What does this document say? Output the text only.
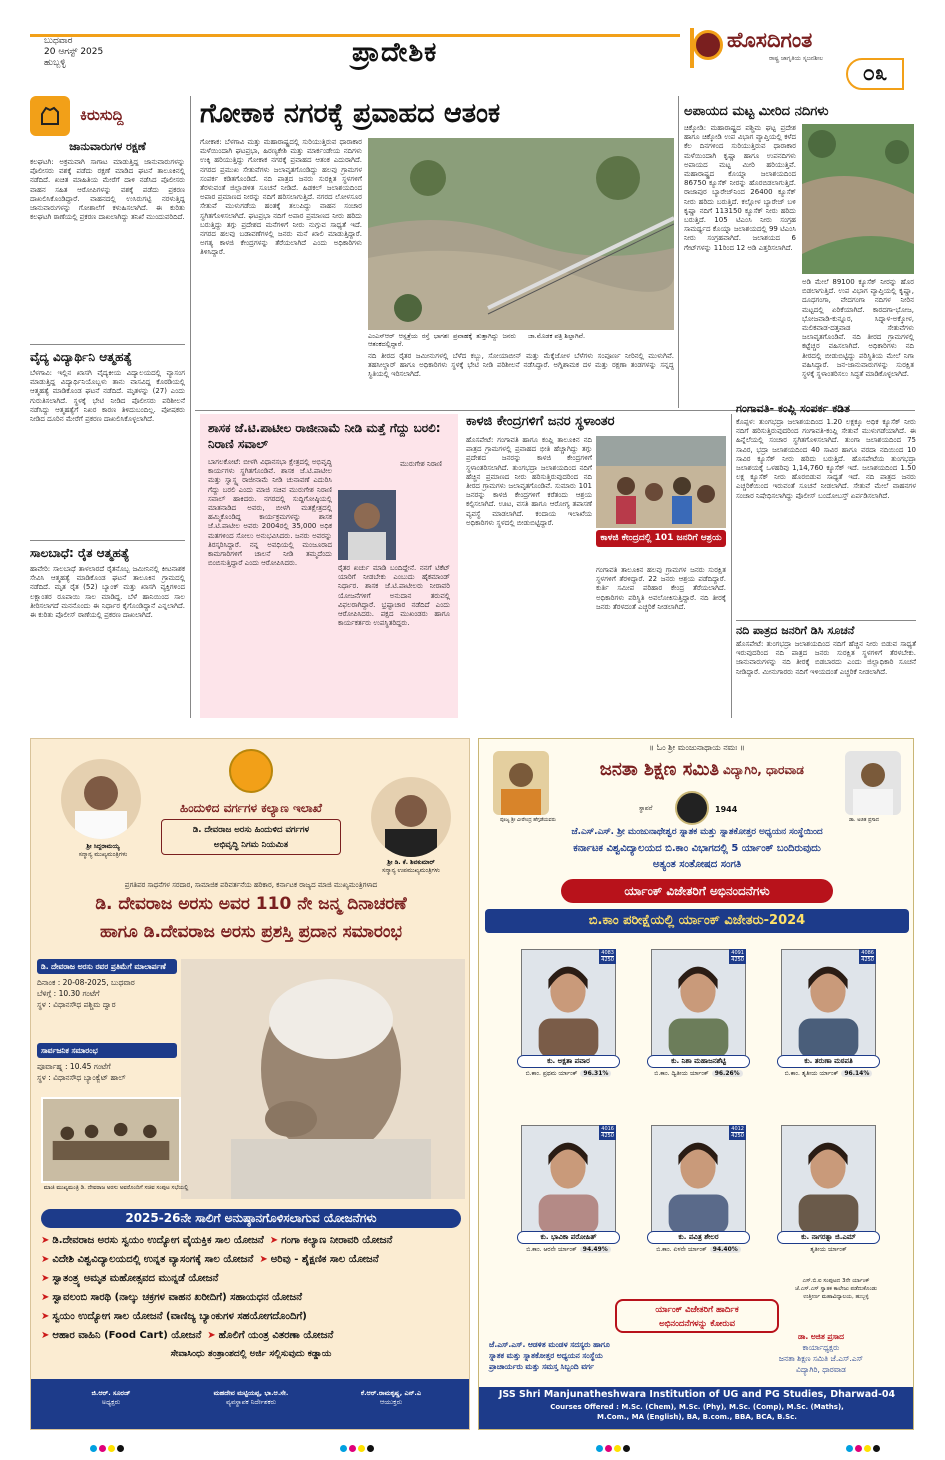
ಬುಧವಾರ
20 ಆಗಸ್ಟ್ 2025
ಹುಬ್ಬಳ್ಳಿ	ಪ್ರಾದೇಶಿಕ	ಹೊಸದಿಗಂತ
ರಾಷ್ಟ್ರ ಜಾಗೃತಿಯ ಸೃಜನಶೀಲ
೦೩
ಕಿರುಸುದ್ದಿ
ಜಾನುವಾರುಗಳ ರಕ್ಷಣೆ
ಕಲಘಟಗಿ: ಅಕ್ರಮವಾಗಿ ಸಾಗಾಟ ಮಾಡುತ್ತಿದ್ದ ಜಾನುವಾರುಗಳನ್ನು ಪೊಲೀಸರು ವಶಕ್ಕೆ ಪಡೆದು ರಕ್ಷಣೆ ಮಾಡಿದ ಘಟನೆ ತಾಲೂಕಿನಲ್ಲಿ ನಡೆದಿದೆ. ಖಚಿತ ಮಾಹಿತಿಯ ಮೇರೆಗೆ ದಾಳಿ ನಡೆಸಿದ ಪೊಲೀಸರು ವಾಹನ ಸಹಿತ ಆರೋಪಿಗಳನ್ನು ವಶಕ್ಕೆ ಪಡೆದು ಪ್ರಕರಣ ದಾಖಲಿಸಿಕೊಂಡಿದ್ದಾರೆ. ವಾಹನದಲ್ಲಿ ಉಸಿರುಗಟ್ಟಿ ನರಳುತ್ತಿದ್ದ ಜಾನುವಾರುಗಳನ್ನು ಗೋಶಾಲೆಗೆ ಕಳುಹಿಸಲಾಗಿದೆ. ಈ ಕುರಿತು ಕಲಘಟಗಿ ಠಾಣೆಯಲ್ಲಿ ಪ್ರಕರಣ ದಾಖಲಾಗಿದ್ದು ತನಿಖೆ ಮುಂದುವರಿದಿದೆ.
ವೈದ್ಯ ವಿದ್ಯಾರ್ಥಿನಿ ಆತ್ಮಹತ್ಯೆ
ಬೆಳಗಾವಿ: ಇಲ್ಲಿನ ಖಾಸಗಿ ವೈದ್ಯಕೀಯ ವಿದ್ಯಾಲಯದಲ್ಲಿ ವ್ಯಾಸಂಗ ಮಾಡುತ್ತಿದ್ದ ವಿದ್ಯಾರ್ಥಿನಿಯೊಬ್ಬಳು ತಾನು ವಾಸವಿದ್ದ ಕೊಠಡಿಯಲ್ಲಿ ಆತ್ಮಹತ್ಯೆ ಮಾಡಿಕೊಂಡ ಘಟನೆ ನಡೆದಿದೆ. ಮೃತಳನ್ನು (27) ಎಂದು ಗುರುತಿಸಲಾಗಿದೆ. ಸ್ಥಳಕ್ಕೆ ಭೇಟಿ ನೀಡಿದ ಪೊಲೀಸರು ಪರಿಶೀಲನೆ ನಡೆಸಿದ್ದು ಆತ್ಮಹತ್ಯೆಗೆ ನಿಖರ ಕಾರಣ ತಿಳಿದುಬಂದಿಲ್ಲ. ಪೋಷಕರು ನೀಡಿದ ದೂರಿನ ಮೇರೆಗೆ ಪ್ರಕರಣ ದಾಖಲಿಸಿಕೊಳ್ಳಲಾಗಿದೆ.
ಸಾಲಬಾಧೆ: ರೈತ ಆತ್ಮಹತ್ಯೆ
ಹಾವೇರಿ: ಸಾಲಬಾಧೆ ತಾಳಲಾರದೆ ರೈತನೊಬ್ಬ ಜಮೀನಿನಲ್ಲಿ ಕೀಟನಾಶಕ ಸೇವಿಸಿ ಆತ್ಮಹತ್ಯೆ ಮಾಡಿಕೊಂಡ ಘಟನೆ ತಾಲೂಕಿನ ಗ್ರಾಮದಲ್ಲಿ ನಡೆದಿದೆ. ಮೃತ ರೈತ (52) ಬ್ಯಾಂಕ್ ಮತ್ತು ಖಾಸಗಿ ವ್ಯಕ್ತಿಗಳಿಂದ ಲಕ್ಷಾಂತರ ರೂಪಾಯಿ ಸಾಲ ಮಾಡಿದ್ದ. ಬೆಳೆ ಹಾನಿಯಿಂದ ಸಾಲ ತೀರಿಸಲಾಗದೆ ಮನನೊಂದು ಈ ನಿರ್ಧಾರ ಕೈಗೊಂಡಿದ್ದಾನೆ ಎನ್ನಲಾಗಿದೆ. ಈ ಕುರಿತು ಪೊಲೀಸ್ ಠಾಣೆಯಲ್ಲಿ ಪ್ರಕರಣ ದಾಖಲಾಗಿದೆ.
ಗೋಕಾಕ ನಗರಕ್ಕೆ ಪ್ರವಾಹದ ಆತಂಕ
ಗೋಕಾಕ: ಬೆಳಗಾವಿ ಮತ್ತು ಮಹಾರಾಷ್ಟ್ರದಲ್ಲಿ ಸುರಿಯುತ್ತಿರುವ ಧಾರಾಕಾರ ಮಳೆಯಿಂದಾಗಿ ಘಟಪ್ರಭಾ, ಹಿರಣ್ಯಕೇಶಿ ಮತ್ತು ಮಾರ್ಕಂಡೇಯ ನದಿಗಳು ಉಕ್ಕಿ ಹರಿಯುತ್ತಿದ್ದು ಗೋಕಾಕ ನಗರಕ್ಕೆ ಪ್ರವಾಹದ ಆತಂಕ ಎದುರಾಗಿದೆ. ನಗರದ ಪ್ರಮುಖ ಸೇತುವೆಗಳು ಜಲಾವೃತಗೊಂಡಿದ್ದು ಹಲವು ಗ್ರಾಮಗಳ ಸಂಪರ್ಕ ಕಡಿತಗೊಂಡಿದೆ. ನದಿ ಪಾತ್ರದ ಜನರು ಸುರಕ್ಷಿತ ಸ್ಥಳಗಳಿಗೆ ತೆರಳುವಂತೆ ಜಿಲ್ಲಾಡಳಿತ ಸೂಚನೆ ನೀಡಿದೆ. ಹಿಡಕಲ್ ಜಲಾಶಯದಿಂದ ಅಪಾರ ಪ್ರಮಾಣದ ನೀರನ್ನು ನದಿಗೆ ಹರಿಸಲಾಗುತ್ತಿದೆ. ನಗರದ ಲೋಳಸೂರ ಸೇತುವೆ ಮುಳುಗಡೆಯ ಹಂತಕ್ಕೆ ತಲುಪಿದ್ದು ವಾಹನ ಸಂಚಾರ ಸ್ಥಗಿತಗೊಳಿಸಲಾಗಿದೆ. ಘಟಪ್ರಭಾ ನದಿಗೆ ಅಪಾರ ಪ್ರಮಾಣದ ನೀರು ಹರಿದು ಬರುತ್ತಿದ್ದು ತಗ್ಗು ಪ್ರದೇಶದ ಮನೆಗಳಿಗೆ ನೀರು ನುಗ್ಗುವ ಸಾಧ್ಯತೆ ಇದೆ. ನಗರದ ಹಲವು ಬಡಾವಣೆಗಳಲ್ಲಿ ಜನರು ಮನೆ ಖಾಲಿ ಮಾಡುತ್ತಿದ್ದಾರೆ. ಅಗತ್ಯ ಕಾಳಜಿ ಕೇಂದ್ರಗಳನ್ನು ತೆರೆಯಲಾಗಿದೆ ಎಂದು ಅಧಿಕಾರಿಗಳು ತಿಳಿಸಿದ್ದಾರೆ.
ಎಂಎಸ್ಆರ್ ಆಸ್ಪತ್ರೆಯ ರಸ್ತೆ ಭಾಗಶಃ ಪ್ರವಾಹಕ್ಕೆ ತುತ್ತಾಗಿದ್ದು ಜನರು ಆತಂಕದಲ್ಲಿದ್ದಾರೆ.
ಜಾ.ಮೊಡಕ ಪತ್ರಿ ಶಿಲ್ಪಾಗಿವೆ.
ನದಿ ತೀರದ ರೈತರ ಜಮೀನುಗಳಲ್ಲಿ ಬೆಳೆದ ಕಬ್ಬು, ಸೋಯಾಬೀನ್ ಮತ್ತು ಮೆಕ್ಕೆಜೋಳ ಬೆಳೆಗಳು ಸಂಪೂರ್ಣ ನೀರಿನಲ್ಲಿ ಮುಳುಗಿವೆ. ತಹಸೀಲ್ದಾರ್ ಹಾಗೂ ಅಧಿಕಾರಿಗಳು ಸ್ಥಳಕ್ಕೆ ಭೇಟಿ ನೀಡಿ ಪರಿಶೀಲನೆ ನಡೆಸಿದ್ದಾರೆ. ಅಗ್ನಿಶಾಮಕ ದಳ ಮತ್ತು ರಕ್ಷಣಾ ತಂಡಗಳನ್ನು ಸನ್ನದ್ಧ ಸ್ಥಿತಿಯಲ್ಲಿ ಇರಿಸಲಾಗಿದೆ.
ಅಪಾಯದ ಮಟ್ಟ ಮೀರಿದ ನದಿಗಳು
ಚಿಕ್ಕೋಡಿ: ಮಹಾರಾಷ್ಟ್ರದ ಪಶ್ಚಿಮ ಘಟ್ಟ ಪ್ರದೇಶ ಹಾಗೂ ಚಿಕ್ಕೋಡಿ ಉಪ ವಿಭಾಗ ವ್ಯಾಪ್ತಿಯಲ್ಲಿ ಕಳೆದ ಕೆಲ ದಿನಗಳಿಂದ ಸುರಿಯುತ್ತಿರುವ ಧಾರಾಕಾರ ಮಳೆಯಿಂದಾಗಿ ಕೃಷ್ಣಾ ಹಾಗೂ ಉಪನದಿಗಳು ಅಪಾಯದ ಮಟ್ಟ ಮೀರಿ ಹರಿಯುತ್ತಿವೆ. ಮಹಾರಾಷ್ಟ್ರದ ಕೊಯ್ನಾ ಜಲಾಶಯದಿಂದ 86750 ಕ್ಯೂಸೆಕ್ ನೀರನ್ನು ಹೊರಬಿಡಲಾಗುತ್ತಿದೆ. ರಾಜಾಪುರ ಬ್ಯಾರೇಜ್‌ನಿಂದ 26400 ಕ್ಯೂಸೆಕ್ ನೀರು ಹರಿದು ಬರುತ್ತಿದೆ. ಕಲ್ಲೋಳ ಬ್ಯಾರೇಜ್ ಬಳಿ ಕೃಷ್ಣಾ ನದಿಗೆ 113150 ಕ್ಯೂಸೆಕ್ ನೀರು ಹರಿದು ಬರುತ್ತಿದೆ. 105 ಟಿಎಂಸಿ ನೀರು ಸಂಗ್ರಹ ಸಾಮರ್ಥ್ಯದ ಕೊಯ್ನಾ ಜಲಾಶಯದಲ್ಲಿ 99 ಟಿಎಂಸಿ ನೀರು ಸಂಗ್ರಹವಾಗಿದೆ. ಜಲಾಶಯದ 6 ಗೇಟ್‌ಗಳನ್ನು 11ರಿಂದ 12 ಅಡಿ ಎತ್ತರಿಸಲಾಗಿದೆ.
ಅಡಿ ಮೇಲೆ 89100 ಕ್ಯೂಸೆಕ್ ನೀರನ್ನು ಹೊರ ಬಿಡಲಾಗುತ್ತಿದೆ. ಉಪ ವಿಭಾಗ ವ್ಯಾಪ್ತಿಯಲ್ಲಿ ಕೃಷ್ಣಾ, ದೂಧಗಂಗಾ, ವೇದಗಂಗಾ ನದಿಗಳ ನೀರಿನ ಮಟ್ಟದಲ್ಲಿ ಏರಿಕೆಯಾಗಿದೆ. ಕಾರದಗಾ-ಭೋಜ, ಭೋಜವಾಡಿ-ಕುನ್ನೂರ, ಸಿದ್ನಾಳ-ಅಕ್ಕೋಳ, ಮಲಿಕವಾಡ-ದತ್ತವಾಡ ಸೇತುವೆಗಳು ಜಲಾವೃತಗೊಂಡಿವೆ. ನದಿ ತೀರದ ಗ್ರಾಮಗಳಲ್ಲಿ ಕಟ್ಟೆಚ್ಚರ ವಹಿಸಲಾಗಿದೆ. ಅಧಿಕಾರಿಗಳು ನದಿ ತೀರದಲ್ಲಿ ಬೀಡುಬಿಟ್ಟಿದ್ದು ಪರಿಸ್ಥಿತಿಯ ಮೇಲೆ ನಿಗಾ ವಹಿಸಿದ್ದಾರೆ. ಜನ-ಜಾನುವಾರುಗಳನ್ನು ಸುರಕ್ಷಿತ ಸ್ಥಳಕ್ಕೆ ಸ್ಥಳಾಂತರಿಸಲು ಸಿದ್ಧತೆ ಮಾಡಿಕೊಳ್ಳಲಾಗಿದೆ.
ಶಾಸಕ ಜೆ.ಟಿ.ಪಾಟೀಲ ರಾಜೀನಾಮೆ ನೀಡಿ ಮತ್ತೆ ಗೆದ್ದು ಬರಲಿ: ನಿರಾಣಿ ಸವಾಲ್
ಬಾಗಲಕೋಟೆ: ಬೀಳಗಿ ವಿಧಾನಸಭಾ ಕ್ಷೇತ್ರದಲ್ಲಿ ಅಭಿವೃದ್ಧಿ ಕಾರ್ಯಗಳು ಸ್ಥಗಿತಗೊಂಡಿವೆ. ಶಾಸಕ ಜೆ.ಟಿ.ಪಾಟೀಲ ಮತ್ತು ಸ್ವಾಸ್ಥ್ಯ ರಾಜೀನಾಮೆ ನೀಡಿ ಚುನಾವಣೆ ಎದುರಿಸಿ ಗೆದ್ದು ಬರಲಿ ಎಂದು ಮಾಜಿ ಸಚಿವ ಮುರುಗೇಶ ನಿರಾಣಿ ಸವಾಲ್ ಹಾಕಿದರು. ನಗರದಲ್ಲಿ ಸುದ್ದಿಗೋಷ್ಠಿಯಲ್ಲಿ ಮಾತನಾಡಿದ ಅವರು, ಬೀಳಗಿ ಮತಕ್ಷೇತ್ರದಲ್ಲಿ ಹಮ್ಮಿಕೊಂಡಿದ್ದ ಕಾರ್ಯಕ್ರಮಗಳನ್ನು ಶಾಸಕ ಜೆ.ಟಿ.ಪಾಟೀಲ ಅವರು 2004ರಲ್ಲಿ 35,000 ಅಧಿಕ ಮತಗಳಿಂದ ಸೋಲು ಅನುಭವಿಸಿದರು. ಜನರು ಅವರನ್ನು ತಿರಸ್ಕರಿಸಿದ್ದಾರೆ. ನನ್ನ ಅವಧಿಯಲ್ಲಿ ಮಂಜೂರಾದ ಕಾಮಗಾರಿಗಳಿಗೆ ಚಾಲನೆ ನೀಡಿ ತಮ್ಮದೆಂದು ಬಿಂಬಿಸುತ್ತಿದ್ದಾರೆ ಎಂದು ಆರೋಪಿಸಿದರು.
ರೈತರ ಖರ್ಚು ಮಾಡಿ ಬಂದಿದ್ದೇನೆ. ನನಗೆ ಟಿಕೆಟ್ ಯಾರಿಗೆ ನೀಡಬೇಕು ಎಂಬುದು ಹೈಕಮಾಂಡ್ ನಿರ್ಧಾರ. ಶಾಸಕ ಜೆ.ಟಿ.ಪಾಟೀಲರು ನೀರಾವರಿ ಯೋಜನೆಗಳಿಗೆ ಅನುದಾನ ತರುವಲ್ಲಿ ವಿಫಲರಾಗಿದ್ದಾರೆ. ಭ್ರಷ್ಟಾಚಾರ ನಡೆದಿದೆ ಎಂದು ಆರೋಪಿಸಿದರು. ಪಕ್ಷದ ಮುಖಂಡರು ಹಾಗೂ ಕಾರ್ಯಕರ್ತರು ಉಪಸ್ಥಿತರಿದ್ದರು.
ಮುರುಗೇಶ ನಿರಾಣಿ
ಕಾಳಜಿ ಕೇಂದ್ರಗಳಿಗೆ ಜನರ ಸ್ಥಳಾಂತರ
ಹೊಸಪೇಟೆ: ಗಂಗಾವತಿ ಹಾಗೂ ಕಂಪ್ಲಿ ತಾಲೂಕಿನ ನದಿ ಪಾತ್ರದ ಗ್ರಾಮಗಳಲ್ಲಿ ಪ್ರವಾಹದ ಭೀತಿ ಹೆಚ್ಚಾಗಿದ್ದು ತಗ್ಗು ಪ್ರದೇಶದ ಜನರನ್ನು ಕಾಳಜಿ ಕೇಂದ್ರಗಳಿಗೆ ಸ್ಥಳಾಂತರಿಸಲಾಗಿದೆ. ತುಂಗಭದ್ರಾ ಜಲಾಶಯದಿಂದ ನದಿಗೆ ಹೆಚ್ಚಿನ ಪ್ರಮಾಣದ ನೀರು ಹರಿಸುತ್ತಿರುವುದರಿಂದ ನದಿ ತೀರದ ಗ್ರಾಮಗಳು ಜಲಾವೃತಗೊಂಡಿವೆ. ಸುಮಾರು 101 ಜನರನ್ನು ಕಾಳಜಿ ಕೇಂದ್ರಗಳಿಗೆ ಕರೆತಂದು ಆಶ್ರಯ ಕಲ್ಪಿಸಲಾಗಿದೆ. ಊಟ, ವಸತಿ ಹಾಗೂ ಆರೋಗ್ಯ ತಪಾಸಣೆ ವ್ಯವಸ್ಥೆ ಮಾಡಲಾಗಿದೆ. ಕಂದಾಯ ಇಲಾಖೆಯ ಅಧಿಕಾರಿಗಳು ಸ್ಥಳದಲ್ಲಿ ಬೀಡುಬಿಟ್ಟಿದ್ದಾರೆ.
ಕಾಳಜಿ ಕೇಂದ್ರದಲ್ಲಿ 101 ಜನರಿಗೆ ಆಶ್ರಯ
ಗಂಗಾವತಿ ತಾಲೂಕಿನ ಹಲವು ಗ್ರಾಮಗಳ ಜನರು ಸುರಕ್ಷಿತ ಸ್ಥಳಗಳಿಗೆ ತೆರಳಿದ್ದಾರೆ. 22 ಜನರು ಆಶ್ರಯ ಪಡೆದಿದ್ದಾರೆ. ಕುರ್ತಿ ಸಮೀಪ ಪರಿಹಾರ ಕೇಂದ್ರ ತೆರೆಯಲಾಗಿದೆ. ಅಧಿಕಾರಿಗಳು ಪರಿಸ್ಥಿತಿ ಅವಲೋಕಿಸುತ್ತಿದ್ದಾರೆ. ನದಿ ತೀರಕ್ಕೆ ಜನರು ತೆರಳದಂತೆ ಎಚ್ಚರಿಕೆ ನೀಡಲಾಗಿದೆ.
ಗಂಗಾವತಿ- ಕಂಪ್ಲಿ ಸಂಪರ್ಕ ಕಡಿತ
ಕೊಪ್ಪಳ: ತುಂಗಭದ್ರಾ ಜಲಾಶಯದಿಂದ 1.20 ಲಕ್ಷಕ್ಕೂ ಅಧಿಕ ಕ್ಯೂಸೆಕ್ ನೀರು ನದಿಗೆ ಹರಿಸುತ್ತಿರುವುದರಿಂದ ಗಂಗಾವತಿ-ಕಂಪ್ಲಿ ಸೇತುವೆ ಮುಳುಗಡೆಯಾಗಿದೆ. ಈ ಹಿನ್ನೆಲೆಯಲ್ಲಿ ಸಂಚಾರ ಸ್ಥಗಿತಗೊಳಿಸಲಾಗಿದೆ. ತುಂಗಾ ಜಲಾಶಯದಿಂದ 75 ಸಾವಿರ, ಭದ್ರಾ ಜಲಾಶಯದಿಂದ 40 ಸಾವಿರ ಹಾಗೂ ವರದಾ ನದಿಯಿಂದ 10 ಸಾವಿರ ಕ್ಯೂಸೆಕ್ ನೀರು ಹರಿದು ಬರುತ್ತಿದೆ. ಹೊಸಪೇಟೆಯ ತುಂಗಭದ್ರಾ ಜಲಾಶಯಕ್ಕೆ ಒಳಹರಿವು 1,14,760 ಕ್ಯೂಸೆಕ್ ಇದೆ. ಜಲಾಶಯದಿಂದ 1.50 ಲಕ್ಷ ಕ್ಯೂಸೆಕ್ ನೀರು ಹೊರಬಿಡುವ ಸಾಧ್ಯತೆ ಇದೆ. ನದಿ ಪಾತ್ರದ ಜನರು ಎಚ್ಚರಿಕೆಯಿಂದ ಇರುವಂತೆ ಸೂಚನೆ ನೀಡಲಾಗಿದೆ. ಸೇತುವೆ ಮೇಲೆ ವಾಹನಗಳ ಸಂಚಾರ ನಿಷೇಧಿಸಲಾಗಿದ್ದು ಪೊಲೀಸ್ ಬಂದೋಬಸ್ತ್ ಏರ್ಪಡಿಸಲಾಗಿದೆ.
ನದಿ ಪಾತ್ರದ ಜನರಿಗೆ ಡಿಸಿ ಸೂಚನೆ
ಹೊಸಪೇಟೆ: ತುಂಗಭದ್ರಾ ಜಲಾಶಯದಿಂದ ನದಿಗೆ ಹೆಚ್ಚಿನ ನೀರು ಬಿಡುವ ಸಾಧ್ಯತೆ ಇರುವುದರಿಂದ ನದಿ ಪಾತ್ರದ ಜನರು ಸುರಕ್ಷಿತ ಸ್ಥಳಗಳಿಗೆ ತೆರಳಬೇಕು. ಜಾನುವಾರುಗಳನ್ನು ನದಿ ತೀರಕ್ಕೆ ಬಿಡಬಾರದು ಎಂದು ಜಿಲ್ಲಾಧಿಕಾರಿ ಸೂಚನೆ ನೀಡಿದ್ದಾರೆ. ಮೀನುಗಾರರು ನದಿಗೆ ಇಳಿಯದಂತೆ ಎಚ್ಚರಿಕೆ ನೀಡಲಾಗಿದೆ.
ಶ್ರೀ ಸಿದ್ದರಾಮಯ್ಯ
ಸನ್ಮಾನ್ಯ ಮುಖ್ಯಮಂತ್ರಿಗಳು
ಹಿಂದುಳಿದ ವರ್ಗಗಳ ಕಲ್ಯಾಣ ಇಲಾಖೆ
ಡಿ. ದೇವರಾಜ ಅರಸು ಹಿಂದುಳಿದ ವರ್ಗಗಳ
ಅಭಿವೃದ್ಧಿ ನಿಗಮ ನಿಯಮಿತ
ಶ್ರೀ ಡಿ. ಕೆ. ಶಿವಕುಮಾರ್
ಸನ್ಮಾನ್ಯ ಉಪಮುಖ್ಯಮಂತ್ರಿಗಳು
ಪ್ರಗತಿಪರ ಸಾಧನೆಗಳ ಸರದಾರ, ಸಾಮಾಜಿಕ ಪರಿವರ್ತನೆಯ ಹರಿಕಾರ, ಕರ್ನಾಟಕ ರಾಜ್ಯದ ಮಾಜಿ ಮುಖ್ಯಮಂತ್ರಿಗಳಾದ
ಡಿ. ದೇವರಾಜ ಅರಸು ಅವರ 110 ನೇ ಜನ್ಮ ದಿನಾಚರಣೆ
ಹಾಗೂ ಡಿ.ದೇವರಾಜ ಅರಸು ಪ್ರಶಸ್ತಿ ಪ್ರದಾನ ಸಮಾರಂಭ
ಡಿ. ದೇವರಾಜ ಅರಸು ರವರ ಪ್ರತಿಮೆಗೆ ಮಾಲಾರ್ಪಣೆ
ದಿನಾಂಕ : 20-08-2025, ಬುಧವಾರ
ಬೆಳಿಗ್ಗೆ : 10.30 ಗಂಟೆಗೆ
ಸ್ಥಳ : ವಿಧಾನಸೌಧ ಪಶ್ಚಿಮ ದ್ವಾರ
ಸಾರ್ವಜನಿಕ ಸಮಾರಂಭ
ಪೂರ್ವಾಹ್ನ : 10.45 ಗಂಟೆಗೆ
ಸ್ಥಳ : ವಿಧಾನಸೌಧ ಬ್ಯಾಂಕ್ವೆಟ್ ಹಾಲ್
ಮಾಜಿ ಮುಖ್ಯಮಂತ್ರಿ ಡಿ. ದೇವರಾಜ ಅರಸು ಅವರೊಂದಿಗೆ ಸಚಿವ ಸಂಪುಟ ಸಭೆಯಲ್ಲಿ
2025-26ನೇ ಸಾಲಿಗೆ ಅನುಷ್ಠಾನಗೊಳಿಸಲಾಗುವ ಯೋಜನೆಗಳು
➤ ಡಿ.ದೇವರಾಜ ಅರಸು ಸ್ವಯಂ ಉದ್ಯೋಗ ವೈಯಕ್ತಿಕ ಸಾಲ ಯೋಜನೆ ➤ ಗಂಗಾ ಕಲ್ಯಾಣ ನೀರಾವರಿ ಯೋಜನೆ
➤ ವಿದೇಶಿ ವಿಶ್ವವಿದ್ಯಾಲಯದಲ್ಲಿ ಉನ್ನತ ವ್ಯಾಸಂಗಕ್ಕೆ ಸಾಲ ಯೋಜನೆ ➤ ಅರಿವು - ಶೈಕ್ಷಣಿಕ ಸಾಲ ಯೋಜನೆ
➤ ಸ್ವಾತಂತ್ರ್ಯ ಅಮೃತ ಮಹೋತ್ಸವದ ಮುನ್ನಡೆ ಯೋಜನೆ
➤ ಸ್ವಾವಲಂಬಿ ಸಾರಥಿ (ನಾಲ್ಕು ಚಕ್ರಗಳ ವಾಹನ ಖರೀದಿಗೆ) ಸಹಾಯಧನ ಯೋಜನೆ
➤ ಸ್ವಯಂ ಉದ್ಯೋಗ ಸಾಲ ಯೋಜನೆ (ವಾಣಿಜ್ಯ ಬ್ಯಾಂಕುಗಳ ಸಹಯೋಗದೊಂದಿಗೆ)
➤ ಆಹಾರ ವಾಹಿನಿ (Food Cart) ಯೋಜನೆ ➤ ಹೊಲಿಗೆ ಯಂತ್ರ ವಿತರಣಾ ಯೋಜನೆ
ಸೇವಾಸಿಂಧು ತಂತ್ರಾಂಶದಲ್ಲಿ ಅರ್ಜಿ ಸಲ್ಲಿಸುವುದು ಕಡ್ಡಾಯ
ಜಿ.ಆರ್. ಸೂರಜ್
ಅಧ್ಯಕ್ಷರು
ಮಹದೇವ ಮಟ್ಟಿಯಪ್ಪ, ಭಾ.ಆ.ಸೇ.
ವ್ಯವಸ್ಥಾಪಕ ನಿರ್ದೇಶಕರು
ಕೆ.ಆರ್.ರಾಮಕೃಷ್ಣ, ಎನ್.ಎ
ಆಯುಕ್ತರು
॥ ಓಂ ಶ್ರೀ ಮಂಜುನಾಥಾಯ ನಮಃ ॥
ಪೂಜ್ಯ ಶ್ರೀ ವೀರೇಂದ್ರ ಹೆಗ್ಗಡೆಯವರು
ಜನತಾ ಶಿಕ್ಷಣ ಸಮಿತಿ ವಿದ್ಯಾಗಿರಿ, ಧಾರವಾಡ
ಸ್ಥಾಪನೆ	1944
ಡಾ. ಅಜಿತ ಪ್ರಸಾದ
ಜೆ.ಎಸ್.ಎಸ್. ಶ್ರೀ ಮಂಜುನಾಥೇಶ್ವರ ಸ್ನಾತಕ ಮತ್ತು ಸ್ನಾತಕೋತ್ತರ ಅಧ್ಯಯನ ಸಂಸ್ಥೆಯಿಂದ
ಕರ್ನಾಟಕ ವಿಶ್ವವಿದ್ಯಾಲಯದ ಬಿ.ಕಾಂ ವಿಭಾಗದಲ್ಲಿ 5 ರ್ಯಾಂಕ್ ಬಂದಿರುವುದು
ಅತ್ಯಂತ ಸಂತೋಷದ ಸಂಗತಿ
ರ್ಯಾಂಕ್ ವಿಜೇತರಿಗೆ ಅಭಿನಂದನೆಗಳು
ಬಿ.ಕಾಂ ಪರೀಕ್ಷೆಯಲ್ಲಿ ರ್ಯಾಂಕ್ ವಿಜೇತರು-2024
4083
4250
ಕು. ಅಕ್ಷತಾ ಪವಾರ
ಬಿ.ಕಾಂ. ಪ್ರಥಮ ರ್ಯಾಂಕ್ 96.31%
4091
4250
ಕು. ನಿಶಾ ಮಹಾಜನಶೆಟ್ಟಿ
ಬಿ.ಕಾಂ. ದ್ವಿತೀಯ ರ್ಯಾಂಕ್ 96.26%
4086
4250
ಕು. ತರುಣಾ ಮಠಪತಿ
ಬಿ.ಕಾಂ. ತೃತೀಯ ರ್ಯಾಂಕ್ 96.14%
4016
4250
ಕು. ಭಾವಿಕಾ ಪರೋಹಿತ್
ಬಿ.ಕಾಂ. ಆರನೇ ರ್ಯಾಂಕ್ 94.49%
4012
4250
ಕು. ಪವಿತ್ರ ಶೇಲರ
ಬಿ.ಕಾಂ. ಏಳನೇ ರ್ಯಾಂಕ್ 94.40%
ಕು. ನಾಗರತ್ನಾ ಜಿ.ಎಮ್
ತೃತೀಯ ರ್ಯಾಂಕ್
ಎಸ್.ಬಿ.ಐ ಸಂಪುಟದ 3ನೇ ರ್ಯಾಂಕ್
ಜೆ.ಎಸ್.ಎಸ್ ಸ್ವಾತಕ ಕಾಲೇಜು ಪಡೆದುಕೊಂಡು
ಉತ್ತೀರ್ಣ ಮಹಾವಿದ್ಯಾಲಯ, ಹುಬ್ಬಳ್ಳಿ
ರ್ಯಾಂಕ್ ವಿಜೇತರಿಗೆ ಹಾರ್ದಿಕ
ಅಭಿನಂದನೆಗಳನ್ನು ಕೋರುವ
ಜೆ.ಎಸ್.ಎಸ್. ಆಡಳಿತ ಮಂಡಳ ಸದಸ್ಯರು ಹಾಗೂ
ಸ್ನಾತಕ ಮತ್ತು ಸ್ನಾತಕೋತ್ತರ ಅಧ್ಯಯನ ಸಂಸ್ಥೆಯ
ಪ್ರಾಚಾರ್ಯರು ಮತ್ತು ಸಮಸ್ತ ಸಿಬ್ಬಂದಿ ವರ್ಗ
ಡಾ. ಅಜಿತ ಪ್ರಸಾದ
ಕಾರ್ಯಾಧ್ಯಕ್ಷರು
ಜನತಾ ಶಿಕ್ಷಣ ಸಮಿತಿ ಜೆ.ಎಸ್.ಎಸ್
ವಿದ್ಯಾಗಿರಿ, ಧಾರವಾಡ
JSS Shri Manjunatheshwara Institution of UG and PG Studies, Dharwad-04
Courses Offered : M.Sc. (Chem), M.Sc. (Phy), M.Sc. (Comp), M.Sc. (Maths),
M.Com., MA (English), BA, B.com., BBA, BCA, B.Sc.
